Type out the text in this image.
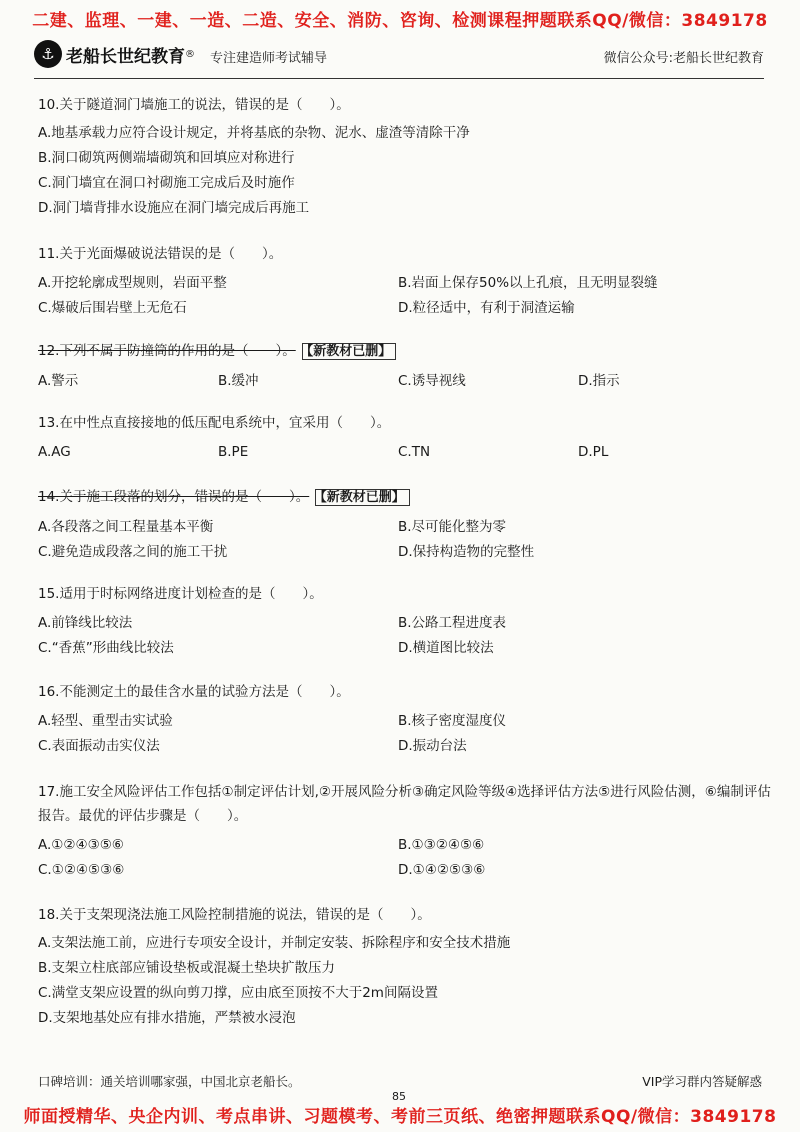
二建、监理、一建、一造、二造、安全、消防、咨询、检测课程押题联系QQ/微信：3849178
⚓ 老船长世纪教育 ® 专注建造师考试辅导	微信公众号:老船长世纪教育

10.关于隧道洞门墙施工的说法，错误的是（　　）。

A.地基承载力应符合设计规定，并将基底的杂物、泥水、虚渣等清除干净
B.洞口砌筑两侧端墙砌筑和回填应对称进行
C.洞门墙宜在洞口衬砌施工完成后及时施作
D.洞门墙背排水设施应在洞门墙完成后再施工

11.关于光面爆破说法错误的是（　　）。

A.开挖轮廓成型规则，岩面平整	B.岩面上保存50%以上孔痕，且无明显裂缝
C.爆破后围岩壁上无危石	D.粒径适中，有利于洞渣运输

12.下列不属于防撞筒的作用的是（　　）。 【新教材已删】

A.警示	B.缓冲	C.诱导视线	D.指示

13.在中性点直接接地的低压配电系统中，宜采用（　　）。

A.AG	B.PE	C.TN	D.PL

14.关于施工段落的划分，错误的是（　　）。 【新教材已删】

A.各段落之间工程量基本平衡	B.尽可能化整为零
C.避免造成段落之间的施工干扰	D.保持构造物的完整性

15.适用于时标网络进度计划检查的是（　　）。

A.前锋线比较法	B.公路工程进度表
C.“香蕉”形曲线比较法	D.横道图比较法

16.不能测定土的最佳含水量的试验方法是（　　）。

A.轻型、重型击实试验	B.核子密度湿度仪
C.表面振动击实仪法	D.振动台法

17.施工安全风险评估工作包括①制定评估计划,②开展风险分析③确定风险等级④选择评估方法⑤进行风险估测，⑥编制评估报告。最优的评估步骤是（　　）。

A.①②④③⑤⑥	B.①③②④⑤⑥
C.①②④⑤③⑥	D.①④②⑤③⑥

18.关于支架现浇法施工风险控制措施的说法，错误的是（　　）。

A.支架法施工前，应进行专项安全设计，并制定安装、拆除程序和安全技术措施
B.支架立柱底部应铺设垫板或混凝土垫块扩散压力
C.满堂支架应设置的纵向剪刀撑，应由底至顶按不大于2m间隔设置
D.支架地基处应有排水措施，严禁被水浸泡
口碑培训：通关培训哪家强，中国北京老船长。	VIP学习群内答疑解惑
85
师面授精华、央企内训、考点串讲、习题模考、考前三页纸、绝密押题联系QQ/微信：3849178
